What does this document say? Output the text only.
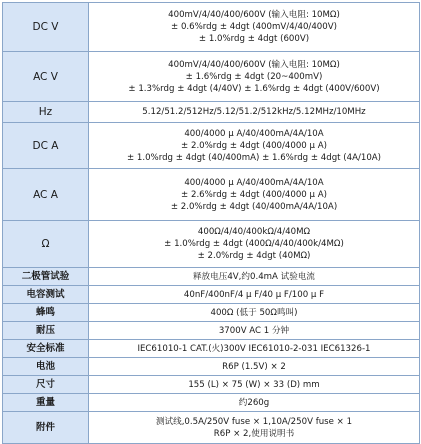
DC V	400mV/4/40/400/600V (输入电阻: 10MΩ)
± 0.6%rdg ± 4dgt (400mV/4/40/400V)
± 1.0%rdg ± 4dgt (600V)

AC V	400mV/4/40/400/600V (输入电阻: 10MΩ)
± 1.6%rdg ± 4dgt (20~400mV)
± 1.3%rdg ± 4dgt (4/40V) ± 1.6%rdg ± 4dgt (400V/600V)

Hz	5.12/51.2/512Hz/5.12/51.2/512kHz/5.12MHz/10MHz

DC A	400/4000 μ A/40/400mA/4A/10A
± 2.0%rdg ± 4dgt (400/4000 μ A)
± 1.0%rdg ± 4dgt (40/400mA) ± 1.6%rdg ± 4dgt (4A/10A)

AC A	400/4000 μ A/40/400mA/4A/10A
± 2.6%rdg ± 4dgt (400/4000 μ A)
± 2.0%rdg ± 4dgt (40/400mA/4A/10A)

Ω	400Ω/4/40/400kΩ/4/40MΩ
± 1.0%rdg ± 4dgt (400Ω/4/40/400k/4MΩ)
± 2.0%rdg ± 4dgt (40MΩ)

二极管试验	释放电压4V,约0.4mA 试验电流

电容测试	40nF/400nF/4 μ F/40 μ F/100 μ F

蜂鸣	400Ω (低于 50Ω鸣叫)

耐压	3700V AC 1 分钟

安全标准	IEC61010-1 CAT.(火)300V IEC61010-2-031 IEC61326-1

电池	R6P (1.5V) × 2

尺寸	155 (L) × 75 (W) × 33 (D) mm

重量	约260g

附件	测试线,0.5A/250V fuse × 1,10A/250V fuse × 1
R6P × 2,使用说明书
